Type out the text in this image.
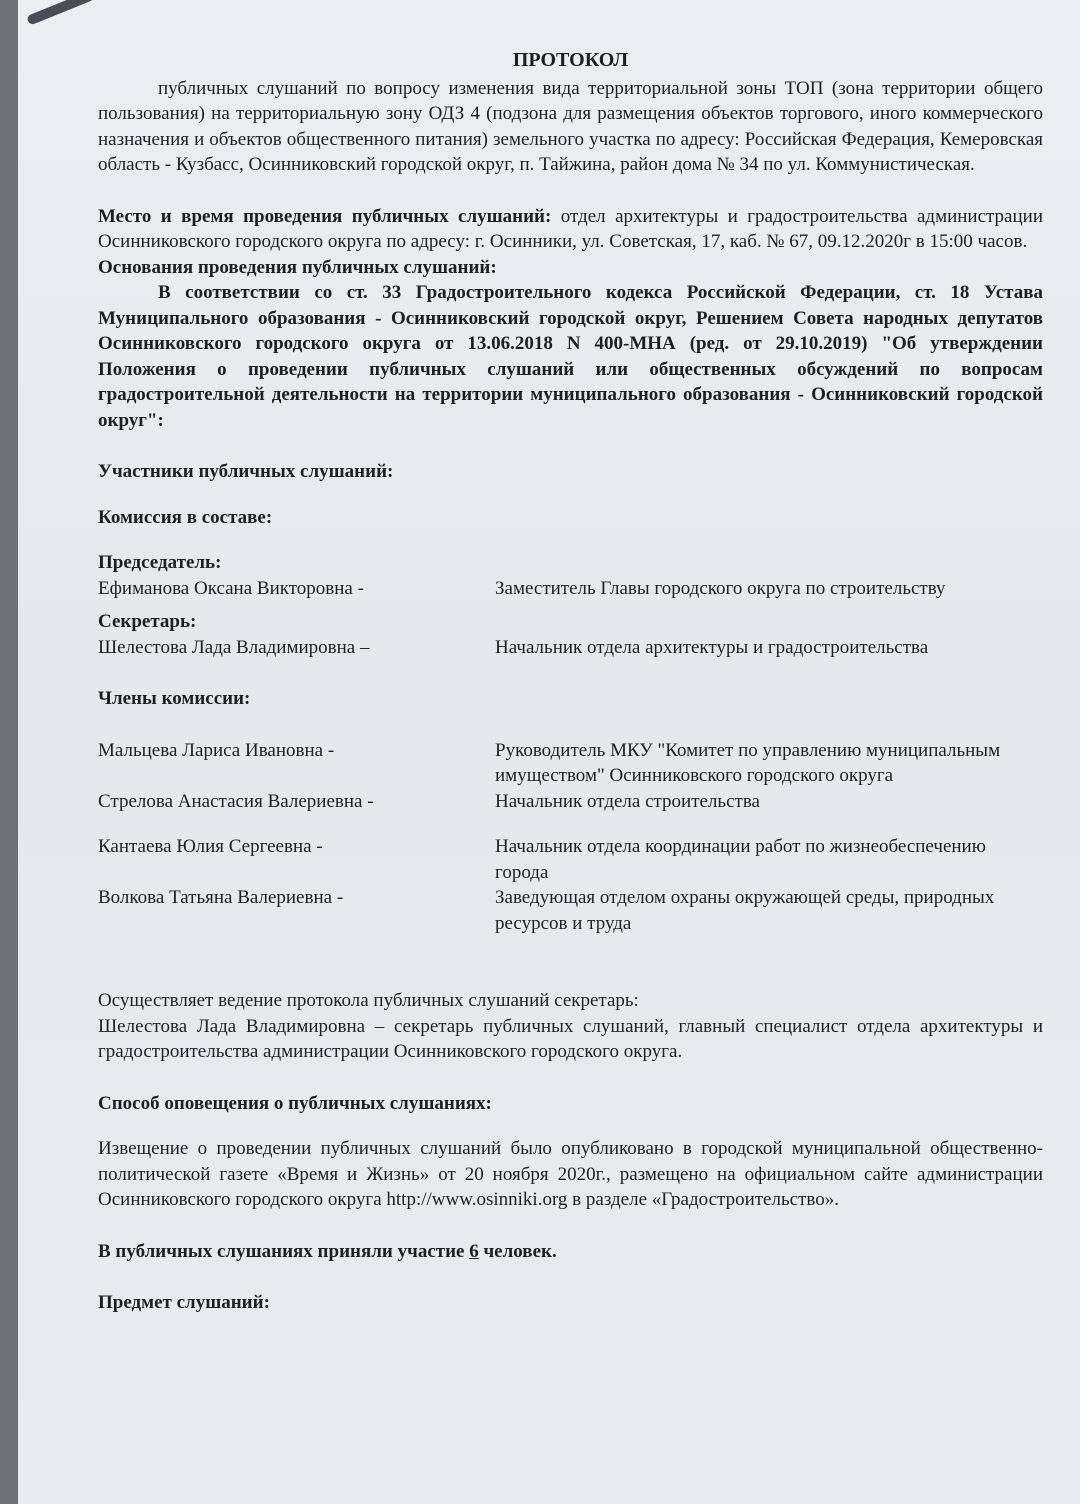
ПРОТОКОЛ

публичных слушаний по вопросу изменения вида территориальной зоны ТОП (зона территории общего пользования) на территориальную зону ОДЗ 4 (подзона для размещения объектов торгового, иного коммерческого назначения и объектов общественного питания) земельного участка по адресу: Российская Федерация, Кемеровская область - Кузбасс, Осинниковский городской округ, п. Тайжина, район дома № 34 по ул. Коммунистическая.

Место и время проведения публичных слушаний: отдел архитектуры и градостроительства администрации Осинниковского городского округа по адресу: г. Осинники, ул. Советская, 17, каб. № 67, 09.12.2020г в 15:00 часов.

Основания проведения публичных слушаний:

В соответствии со ст. 33 Градостроительного кодекса Российской Федерации, ст. 18 Устава Муниципального образования - Осинниковский городской округ, Решением Совета народных депутатов Осинниковского городского округа от 13.06.2018 N 400-МНА (ред. от 29.10.2019) "Об утверждении Положения о проведении публичных слушаний или общественных обсуждений по вопросам градостроительной деятельности на территории муниципального образования - Осинниковский городской округ":

Участники публичных слушаний:

Комиссия в составе:

Председатель:

Ефиманова Оксана Викторовна -	Заместитель Главы городского округа по строительству

Секретарь:

Шелестова Лада Владимировна –	Начальник отдела архитектуры и градостроительства

Члены комиссии:

Мальцева Лариса Ивановна -	Руководитель МКУ "Комитет по управлению муниципальным имуществом" Осинниковского городского округа
Стрелова Анастасия Валериевна -	Начальник отдела строительства
Кантаева Юлия Сергеевна -	Начальник отдела координации работ по жизнеобеспечению города
Волкова Татьяна Валериевна -	Заведующая отделом охраны окружающей среды, природных ресурсов и труда

Осуществляет ведение протокола публичных слушаний секретарь:

Шелестова Лада Владимировна – секретарь публичных слушаний, главный специалист отдела архитектуры и градостроительства администрации Осинниковского городского округа.

Способ оповещения о публичных слушаниях:

Извещение о проведении публичных слушаний было опубликовано в городской муниципальной общественно-политической газете «Время и Жизнь» от 20 ноября 2020г., размещено на официальном сайте администрации Осинниковского городского округа http://www.osinniki.org в разделе «Градостроительство».

В публичных слушаниях приняли участие 6 человек.

Предмет слушаний:
